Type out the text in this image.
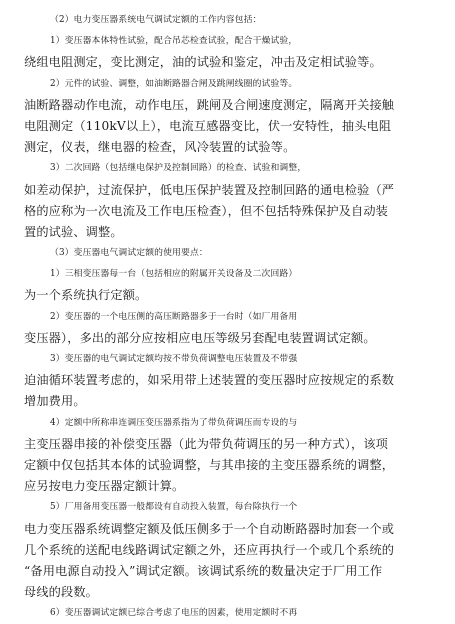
（2）电力变压器系统电气调试定额的工作内容包括：
1）变压器本体特性试验，配合吊芯检查试验，配合干燥试验，
绕组电阻测定，变比测定，油的试验和鉴定，冲击及定相试验等。
2）元件的试验、调整，如油断路器合闸及跳闸线圈的试验等。
油断路器动作电流，动作电压，跳闸及合闸速度测定，隔离开关接触
电阻测定（110kV以上），电流互感器变比，伏一安特性，抽头电阻
测定，仪表，继电器的检查，风冷装置的试验等。
3）二次回路（包括继电保护及控制回路）的检查、试验和调整，
如差动保护，过流保护，低电压保护装置及控制回路的通电检验（严
格的应称为一次电流及工作电压检查），但不包括特殊保护及自动装
置的试验、调整。
（3）变压器电气调试定额的使用要点：
1）三相变压器每一台（包括相应的附属开关设备及二次回路）
为一个系统执行定额。
2）变压器的一个电压侧的高压断路器多于一台时（如厂用备用
变压器），多出的部分应按相应电压等级另套配电装置调试定额。
3）变压器的电气调试定额均按不带负荷调整电压装置及不带强
迫油循环装置考虑的，如采用带上述装置的变压器时应按规定的系数
增加费用。
4）定额中所称串连调压变压器系指为了带负荷调压而专设的与
主变压器串接的补偿变压器（此为带负荷调压的另一种方式），该项
定额中仅包括其本体的试验调整，与其串接的主变压器系统的调整，
应另按电力变压器定额计算。
5）厂用备用变压器一般都设有自动投入装置，每台除执行一个
电力变压器系统调整定额及低压侧多于一个自动断路器时加套一个或
几个系统的送配电线路调试定额之外，还应再执行一个或几个系统的
“备用电源自动投入”调试定额。该调试系统的数量决定于厂用工作
母线的段数。
6）变压器调试定额已综合考虑了电压的因素，使用定额时不再
